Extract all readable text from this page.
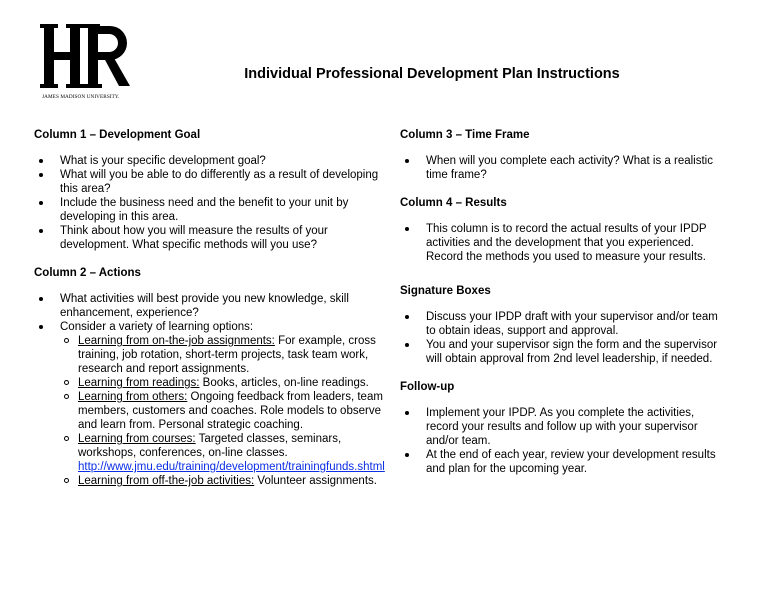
JAMES MADISON UNIVERSITY.
Individual Professional Development Plan Instructions
Column 1 – Development Goal
What is your specific development goal?
What will you be able to do differently as a result of developing this area?
Include the business need and the benefit to your unit by developing in this area.
Think about how you will measure the results of your development. What specific methods will you use?
Column 2 – Actions
What activities will best provide you new knowledge, skill enhancement, experience?
Consider a variety of learning options:
Learning from on-the-job assignments: For example, cross training, job rotation, short-term projects, task team work, research and report assignments.
Learning from readings: Books, articles, on-line readings.
Learning from others: Ongoing feedback from leaders, team members, customers and coaches. Role models to observe and learn from. Personal strategic coaching.
Learning from courses: Targeted classes, seminars, workshops, conferences, on-line classes.
http://www.jmu.edu/training/development/trainingfunds.shtml
Learning from off-the-job activities: Volunteer assignments.
Column 3 – Time Frame
When will you complete each activity? What is a realistic time frame?
Column 4 – Results
This column is to record the actual results of your IPDP activities and the development that you experienced. Record the methods you used to measure your results.
Signature Boxes
Discuss your IPDP draft with your supervisor and/or team to obtain ideas, support and approval.
You and your supervisor sign the form and the supervisor will obtain approval from 2nd level leadership, if needed.
Follow-up
Implement your IPDP. As you complete the activities, record your results and follow up with your supervisor and/or team.
At the end of each year, review your development results and plan for the upcoming year.
